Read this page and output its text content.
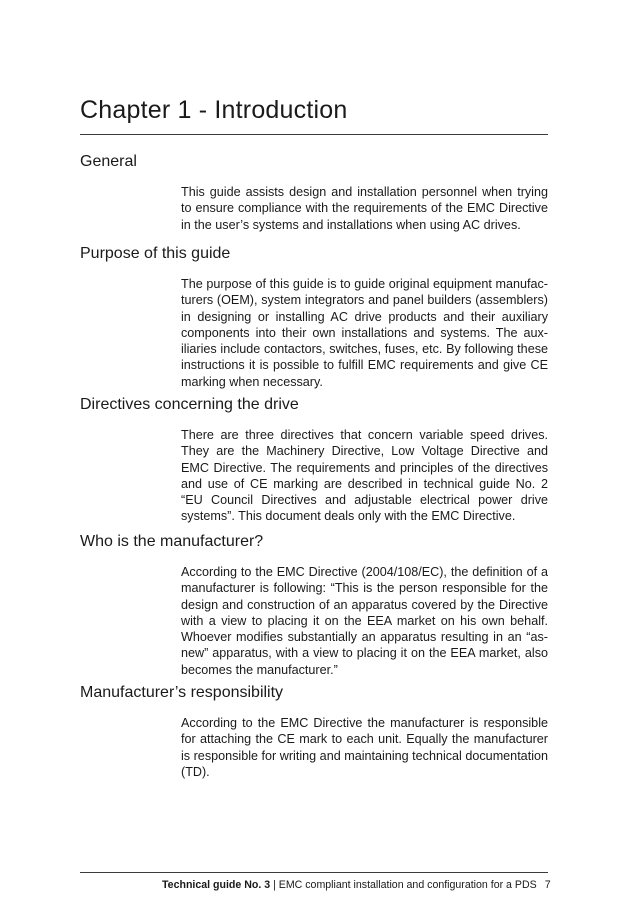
Chapter 1 - Introduction
General

This guide assists design and installation personnel when trying to ensure compliance with the requirements of the EMC Directive in the user’s systems and installations when using AC drives.

Purpose of this guide

The purpose of this guide is to guide original equipment manufacturers (OEM), system integrators and panel builders (assemblers) in designing or installing AC drive products and their auxiliary components into their own installations and systems. The auxiliaries include contactors, switches, fuses, etc. By following these instructions it is possible to fulfill EMC requirements and give CE marking when necessary.

Directives concerning the drive

There are three directives that concern variable speed drives. They are the Machinery Directive, Low Voltage Directive and EMC Directive. The requirements and principles of the directives and use of CE marking are described in technical guide No. 2 “EU Council Directives and adjustable electrical power drive systems”. This document deals only with the EMC Directive.

Who is the manufacturer?

According to the EMC Directive (2004/108/EC), the definition of a manufacturer is following: “This is the person responsible for the design and construction of an apparatus covered by the Directive with a view to placing it on the EEA market on his own behalf. Whoever modifies substantially an apparatus resulting in an “as-new” apparatus, with a view to placing it on the EEA market, also becomes the manufacturer.”

Manufacturer’s responsibility

According to the EMC Directive the manufacturer is responsible for attaching the CE mark to each unit. Equally the manufacturer is responsible for writing and maintaining technical documentation (TD).

Technical guide No. 3 | EMC compliant installation and configuration for a PDS 7
